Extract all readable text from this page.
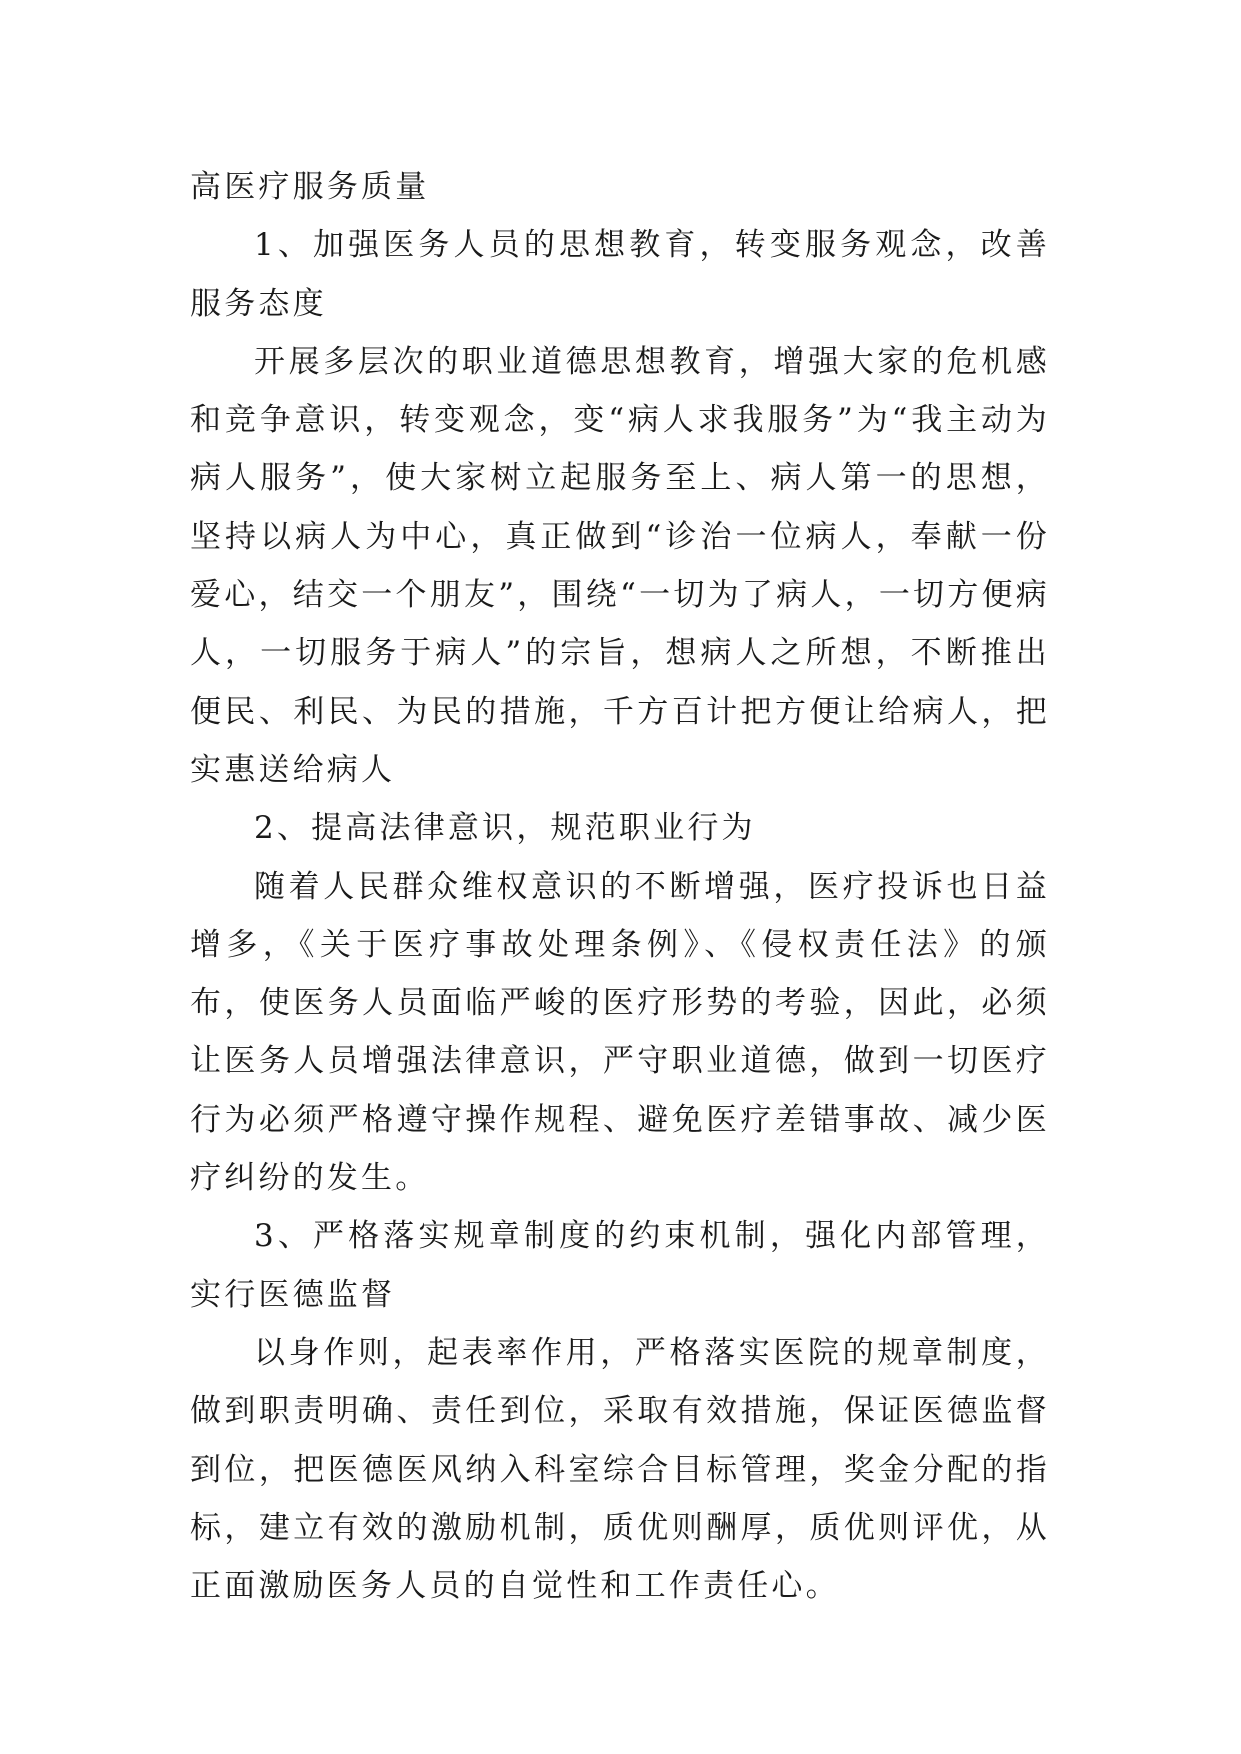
高医疗服务质量

1、加强医务人员的思想教育，转变服务观念，改善服务态度

开展多层次的职业道德思想教育，增强大家的危机感和竞争意识，转变观念，变“病人求我服务”为“我主动为病人服务”，使大家树立起服务至上、病人第一的思想，坚持以病人为中心，真正做到“诊治一位病人，奉献一份爱心，结交一个朋友”，围绕“一切为了病人，一切方便病人，一切服务于病人”的宗旨，想病人之所想，不断推出便民、利民、为民的措施，千方百计把方便让给病人，把实惠送给病人

2、提高法律意识，规范职业行为

随着人民群众维权意识的不断增强，医疗投诉也日益增多，《关于医疗事故处理条例》、《侵权责任法》的颁布，使医务人员面临严峻的医疗形势的考验，因此，必须让医务人员增强法律意识，严守职业道德，做到一切医疗行为必须严格遵守操作规程、避免医疗差错事故、减少医疗纠纷的发生。

3、严格落实规章制度的约束机制，强化内部管理，实行医德监督

以身作则，起表率作用，严格落实医院的规章制度，做到职责明确、责任到位，采取有效措施，保证医德监督到位，把医德医风纳入科室综合目标管理，奖金分配的指标，建立有效的激励机制，质优则酬厚，质优则评优，从正面激励医务人员的自觉性和工作责任心。
